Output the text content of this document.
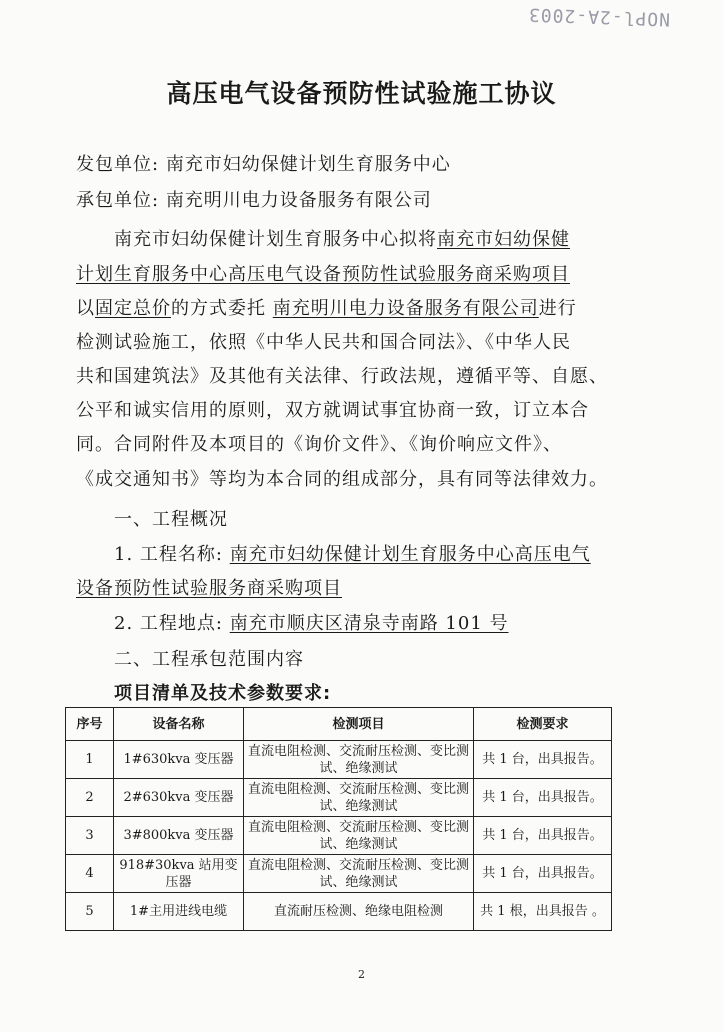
NOPl-2A-2003
高压电气设备预防性试验施工协议
发包单位: 南充市妇幼保健计划生育服务中心
承包单位: 南充明川电力设备服务有限公司
南充市妇幼保健计划生育服务中心拟将南充市妇幼保健
计划生育服务中心高压电气设备预防性试验服务商采购项目
以固定总价的方式委托 南充明川电力设备服务有限公司进行
检测试验施工，依照《中华人民共和国合同法》、《中华人民
共和国建筑法》及其他有关法律、行政法规，遵循平等、自愿、
公平和诚实信用的原则，双方就调试事宜协商一致，订立本合
同。合同附件及本项目的《询价文件》、《询价响应文件》、
《成交通知书》等均为本合同的组成部分，具有同等法律效力。
一、工程概况
1. 工程名称: 南充市妇幼保健计划生育服务中心高压电气
设备预防性试验服务商采购项目
2. 工程地点: 南充市顺庆区清泉寺南路 101 号
二、工程承包范围内容
项目清单及技术参数要求:
序号	设备名称	检测项目	检测要求
1	1#630kva 变压器	直流电阻检测、交流耐压检测、变比测试、绝缘测试	共 1 台，出具报告。
2	2#630kva 变压器	直流电阻检测、交流耐压检测、变比测试、绝缘测试	共 1 台，出具报告。
3	3#800kva 变压器	直流电阻检测、交流耐压检测、变比测试、绝缘测试	共 1 台，出具报告。
4	918#30kva 站用变压器	直流电阻检测、交流耐压检测、变比测试、绝缘测试	共 1 台，出具报告。
5	1#主用进线电缆	直流耐压检测、绝缘电阻检测	共 1 根，出具报告 。
2
